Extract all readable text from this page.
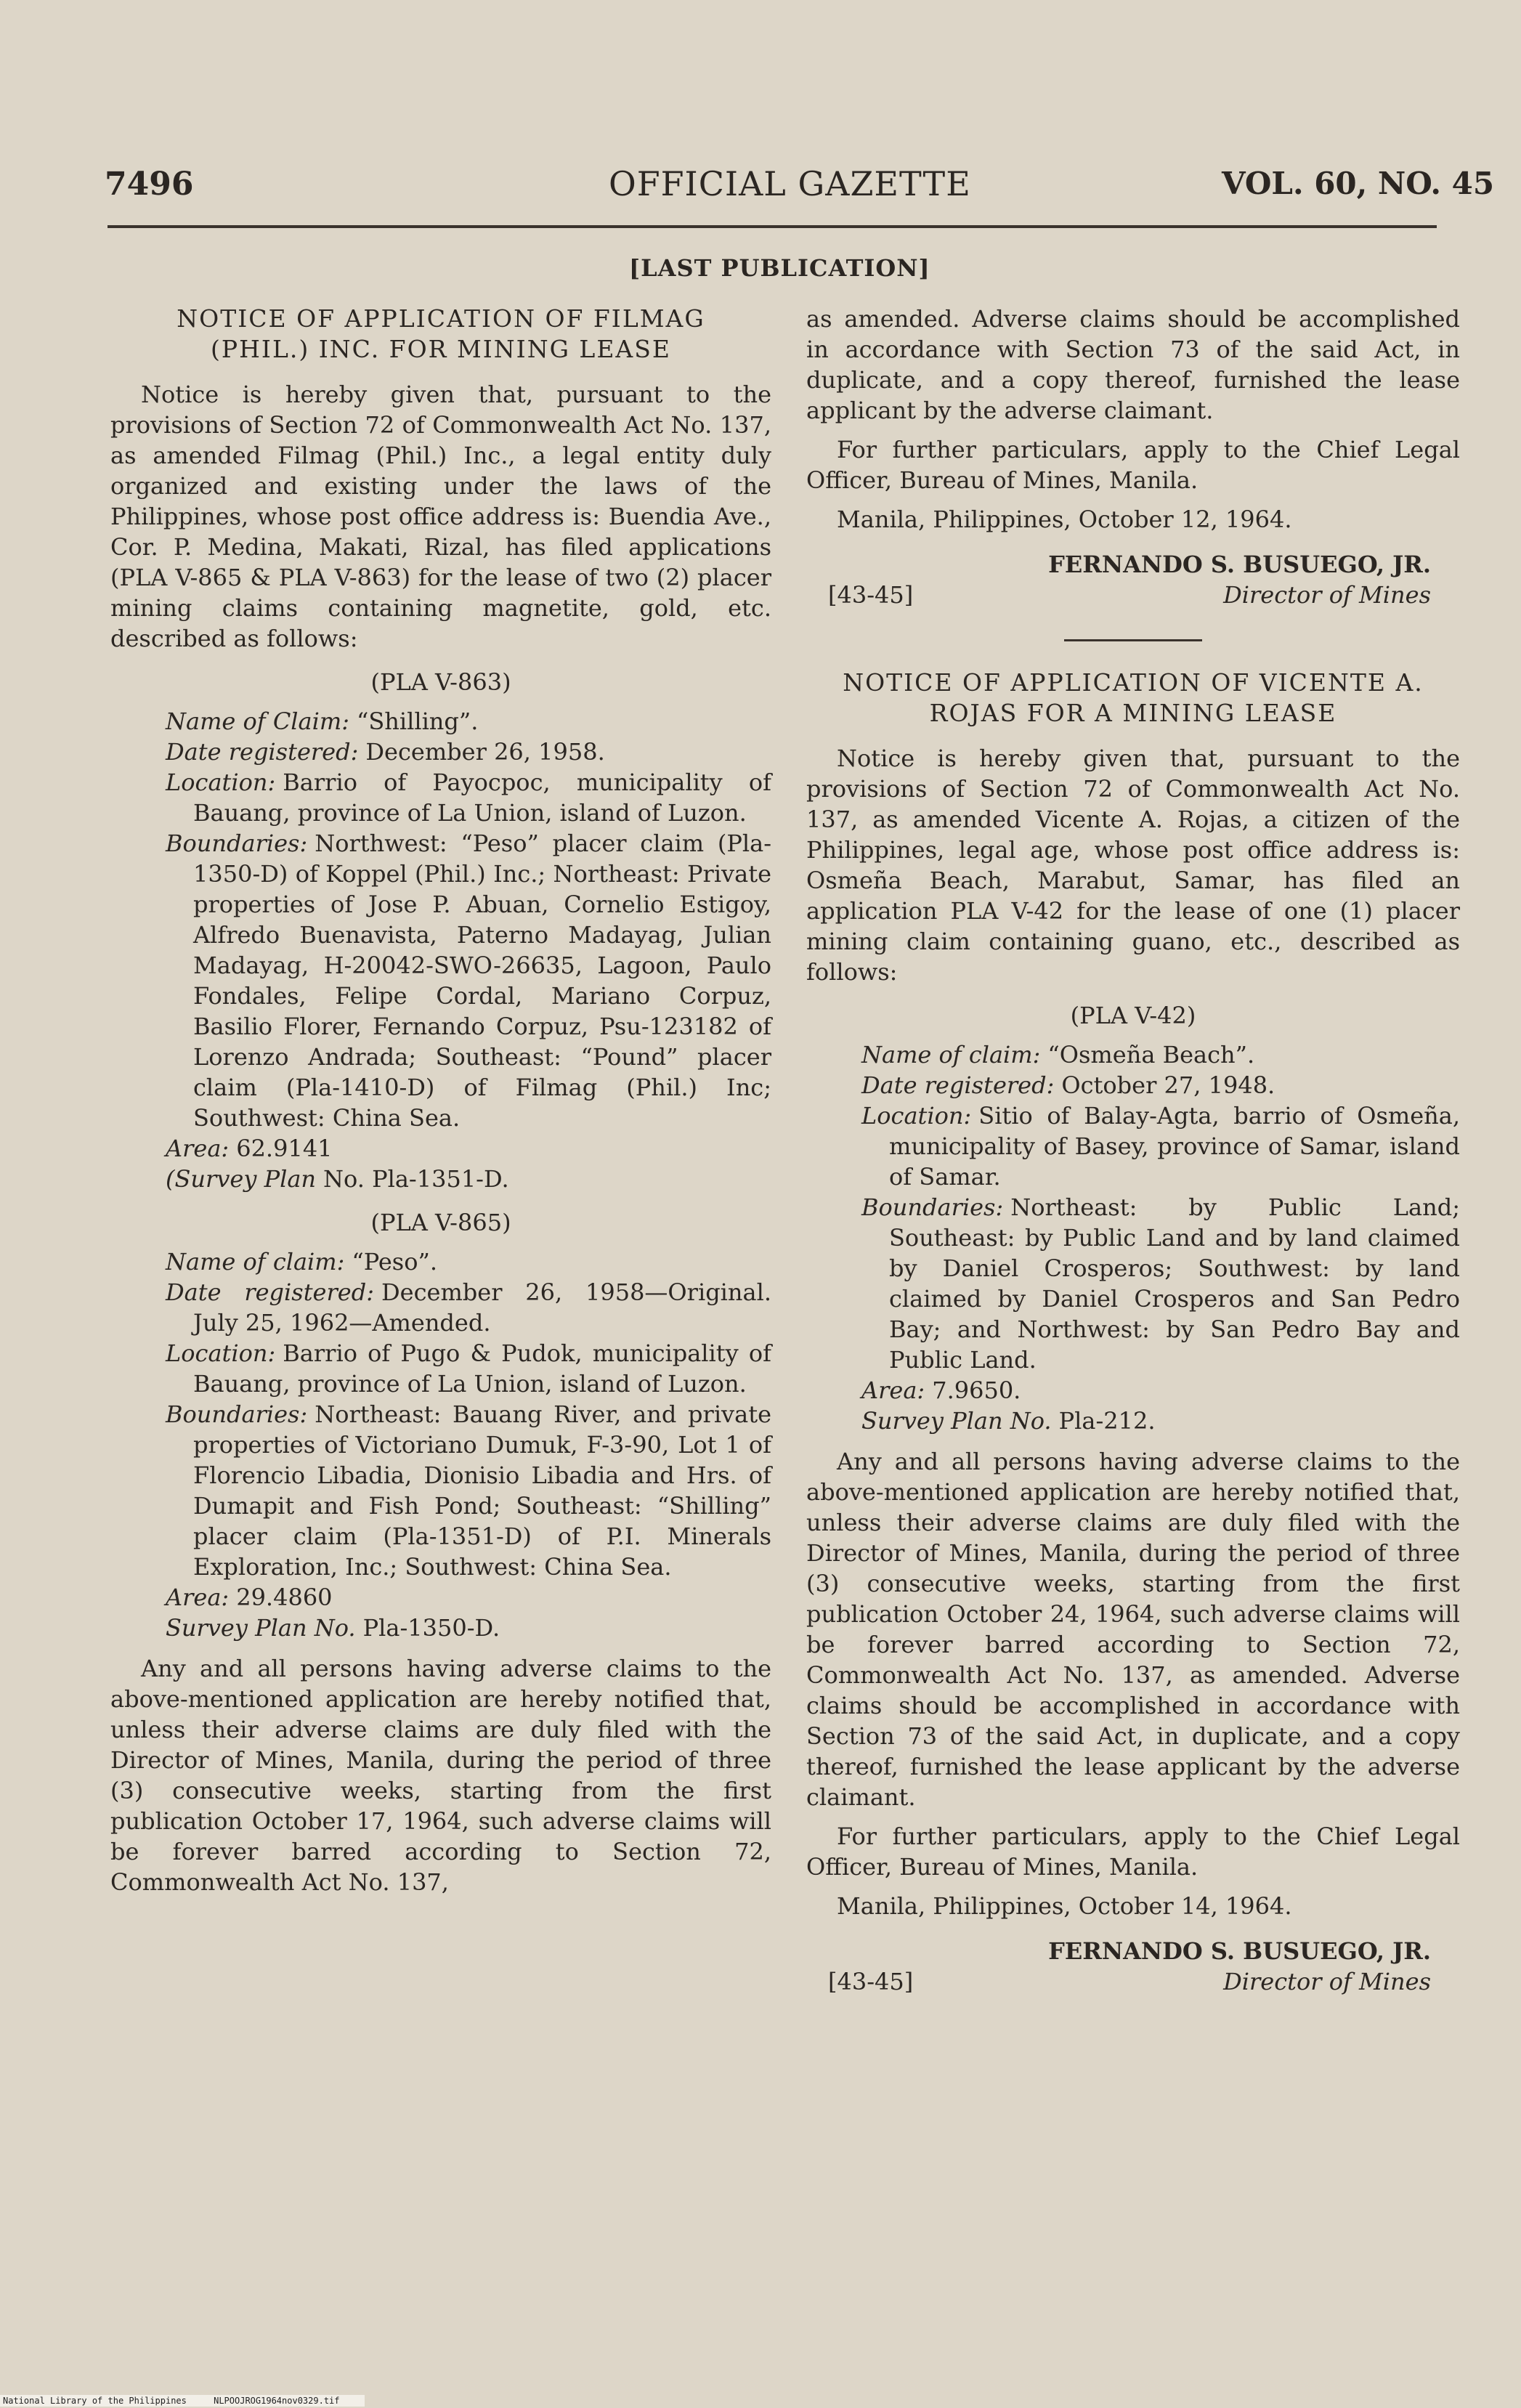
7496	OFFICIAL GAZETTE	VOL. 60, NO. 45
[LAST PUBLICATION]
NOTICE OF APPLICATION OF FILMAG
(PHIL.) INC. FOR MINING LEASE

Notice is hereby given that, pursuant to the provisions of Section 72 of Commonwealth Act No. 137, as amended Filmag (Phil.) Inc., a legal entity duly organized and existing under the laws of the Philippines, whose post office address is: Buendia Ave., Cor. P. Medina, Makati, Rizal, has filed applications (PLA V-865 & PLA V-863) for the lease of two (2) placer mining claims containing magnetite, gold, etc. described as follows:

(PLA V-863)
Name of Claim: “Shilling”.
Date registered: December 26, 1958.
Location: Barrio of Payocpoc, municipality of Bauang, province of La Union, island of Luzon.
Boundaries: Northwest: “Peso” placer claim (Pla-1350-D) of Koppel (Phil.) Inc.; Northeast: Private properties of Jose P. Abuan, Cornelio Estigoy, Alfredo Buenavista, Paterno Madayag, Julian Madayag, H-20042-SWO-26635, Lagoon, Paulo Fondales, Felipe Cordal, Mariano Corpuz, Basilio Florer, Fernando Corpuz, Psu-123182 of Lorenzo Andrada; Southeast: “Pound” placer claim (Pla-1410-D) of Filmag (Phil.) Inc; Southwest: China Sea.
Area: 62.9141
(Survey Plan No. Pla-1351-D.
(PLA V-865)
Name of claim: “Peso”.
Date registered: December 26, 1958—Original. July 25, 1962—Amended.
Location: Barrio of Pugo & Pudok, municipality of Bauang, province of La Union, island of Luzon.
Boundaries: Northeast: Bauang River, and private properties of Victoriano Dumuk, F-3-90, Lot 1 of Florencio Libadia, Dionisio Libadia and Hrs. of Dumapit and Fish Pond; Southeast: “Shilling” placer claim (Pla-1351-D) of P.I. Minerals Exploration, Inc.; Southwest: China Sea.
Area: 29.4860
Survey Plan No. Pla-1350-D.

Any and all persons having adverse claims to the above-mentioned application are hereby notified that, unless their adverse claims are duly filed with the Director of Mines, Manila, during the period of three (3) consecutive weeks, starting from the first publication October 17, 1964, such adverse claims will be forever barred according to Section 72, Commonwealth Act No. 137,

as amended. Adverse claims should be accomplished in accordance with Section 73 of the said Act, in duplicate, and a copy thereof, furnished the lease applicant by the adverse claimant.

For further particulars, apply to the Chief Legal Officer, Bureau of Mines, Manila.

Manila, Philippines, October 12, 1964.
FERNANDO S. BUSUEGO, JR.
[43-45]	Director of Mines
NOTICE OF APPLICATION OF VICENTE A.
ROJAS FOR A MINING LEASE

Notice is hereby given that, pursuant to the provisions of Section 72 of Commonwealth Act No. 137, as amended Vicente A. Rojas, a citizen of the Philippines, legal age, whose post office address is: Osmeña Beach, Marabut, Samar, has filed an application PLA V-42 for the lease of one (1) placer mining claim containing guano, etc., described as follows:

(PLA V-42)
Name of claim: “Osmeña Beach”.
Date registered: October 27, 1948.
Location: Sitio of Balay-Agta, barrio of Osmeña, municipality of Basey, province of Samar, island of Samar.
Boundaries: Northeast: by Public Land; Southeast: by Public Land and by land claimed by Daniel Crosperos; Southwest: by land claimed by Daniel Crosperos and San Pedro Bay; and Northwest: by San Pedro Bay and Public Land.
Area: 7.9650.
Survey Plan No. Pla-212.

Any and all persons having adverse claims to the above-mentioned application are hereby notified that, unless their adverse claims are duly filed with the Director of Mines, Manila, during the period of three (3) consecutive weeks, starting from the first publication October 24, 1964, such adverse claims will be forever barred according to Section 72, Commonwealth Act No. 137, as amended. Adverse claims should be accomplished in accordance with Section 73 of the said Act, in duplicate, and a copy thereof, furnished the lease applicant by the adverse claimant.

For further particulars, apply to the Chief Legal Officer, Bureau of Mines, Manila.

Manila, Philippines, October 14, 1964.
FERNANDO S. BUSUEGO, JR.
[43-45]	Director of Mines
National Library of the Philippines	NLPOOJROG1964nov0329.tif
